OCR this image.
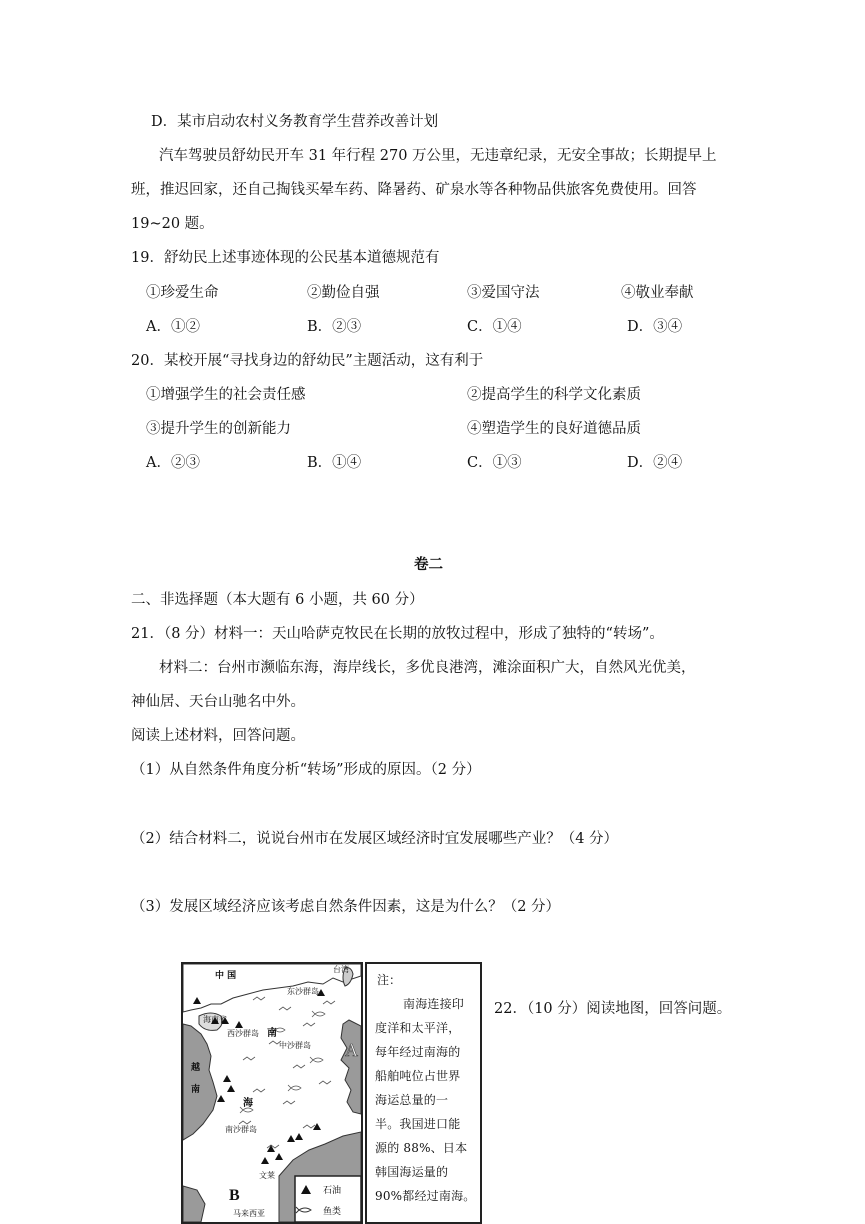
D．某市启动农村义务教育学生营养改善计划
汽车驾驶员舒幼民开车 31 年行程 270 万公里，无违章纪录，无安全事故；长期提早上
班，推迟回家，还自己掏钱买晕车药、降暑药、矿泉水等各种物品供旅客免费使用。回答
19~20 题。
19．舒幼民上述事迹体现的公民基本道德规范有
①珍爱生命	②勤俭自强	③爱国守法	④敬业奉献
A．①②	B．②③	C．①④	D．③④
20．某校开展“寻找身边的舒幼民”主题活动，这有利于
①增强学生的社会责任感	②提高学生的科学文化素质
③提升学生的创新能力	④塑造学生的良好道德品质
A．②③	B．①④	C．①③	D．②④
卷二
二、非选择题（本大题有 6 小题，共 60 分）
21．（8 分）材料一：天山哈萨克牧民在长期的放牧过程中，形成了独特的“转场”。
材料二：台州市濒临东海，海岸线长，多优良港湾，滩涂面积广大，自然风光优美，
神仙居、天台山驰名中外。
阅读上述材料，回答问题。
（1）从自然条件角度分析“转场”形成的原因。（2 分）
（2）结合材料二，说说台州市在发展区域经济时宜发展哪些产业？（4 分）
（3）发展区域经济应该考虑自然条件因素，这是为什么？（2 分）
22．（10 分）阅读地图，回答问题。
中 国
台湾
东沙群岛
海南省
西沙群岛 南
中沙群岛
越
南
海
南沙群岛
文莱
马来西亚
A
B	石油
鱼类
注：
南海连接印
度洋和太平洋，
每年经过南海的
船舶吨位占世界
海运总量的一
半。我国进口能
源的 88%、日本
韩国海运量的
90%都经过南海。
